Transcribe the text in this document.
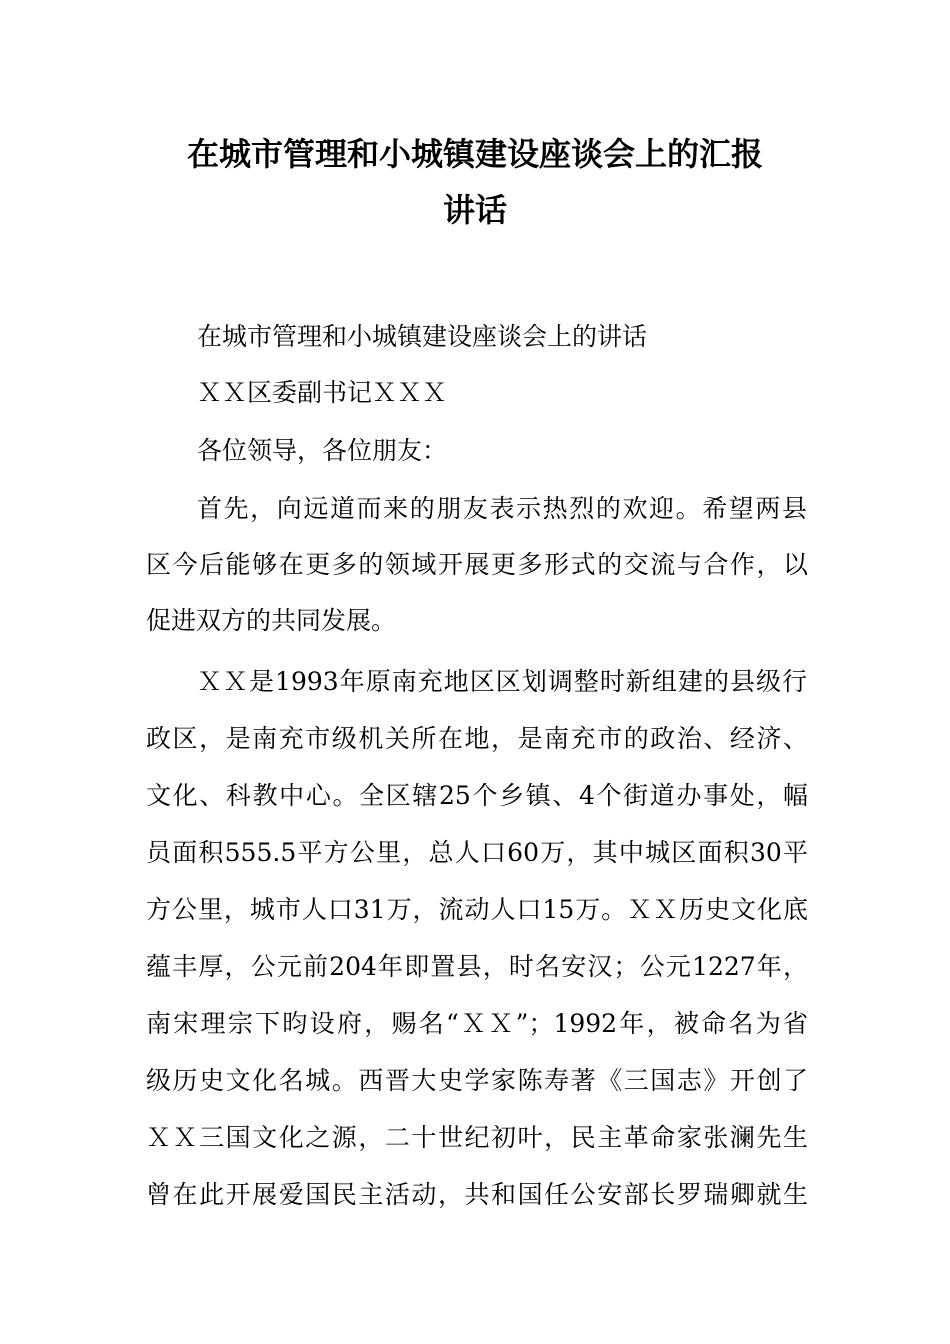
在城市管理和小城镇建设座谈会上的汇报
讲话

在城市管理和小城镇建设座谈会上的讲话

ＸＸ区委副书记ＸＸＸ

各位领导，各位朋友：

首先，向远道而来的朋友表示热烈的欢迎。希望两县

区今后能够在更多的领域开展更多形式的交流与合作，以

促进双方的共同发展。

ＸＸ是1993年原南充地区区划调整时新组建的县级行

政区，是南充市级机关所在地，是南充市的政治、经济、

文化、科教中心。全区辖25个乡镇、4个街道办事处，幅

员面积555.5平方公里，总人口60万，其中城区面积30平

方公里，城市人口31万，流动人口15万。ＸＸ历史文化底

蕴丰厚，公元前204年即置县，时名安汉；公元1227年，

南宋理宗下昀设府，赐名“ＸＸ”；1992年，被命名为省

级历史文化名城。西晋大史学家陈寿著《三国志》开创了

ＸＸ三国文化之源，二十世纪初叶，民主革命家张澜先生

曾在此开展爱国民主活动，共和国任公安部长罗瑞卿就生
